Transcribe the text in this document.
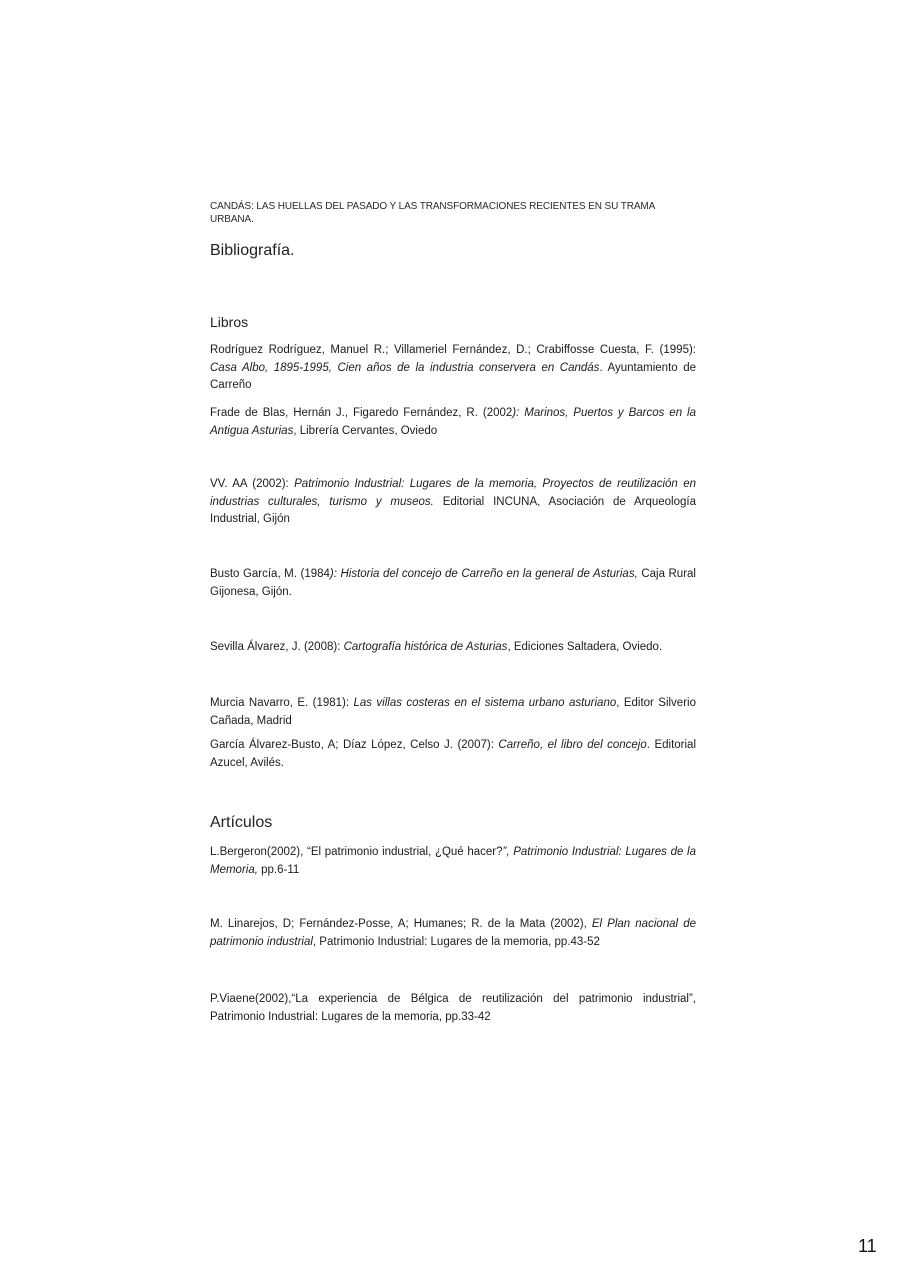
CANDÁS: LAS HUELLAS DEL PASADO Y LAS TRANSFORMACIONES RECIENTES EN SU TRAMA URBANA.
Bibliografía.
Libros

Rodríguez Rodríguez, Manuel R.; Villameriel Fernández, D.; Crabiffosse Cuesta, F. (1995): Casa Albo, 1895-1995, Cien años de la industria conservera en Candás. Ayuntamiento de Carreño

Frade de Blas, Hernán J., Figaredo Fernández, R. (2002): Marinos, Puertos y Barcos en la Antigua Asturias, Librería Cervantes, Oviedo

VV. AA (2002): Patrimonio Industrial: Lugares de la memoria, Proyectos de reutilización en industrias culturales, turismo y museos. Editorial INCUNA, Asociación de Arqueología Industrial, Gijón

Busto García, M. (1984): Historia del concejo de Carreño en la general de Asturias, Caja Rural Gijonesa, Gijón.

Sevilla Álvarez, J. (2008): Cartografía histórica de Asturias, Ediciones Saltadera, Oviedo.

Murcia Navarro, E. (1981): Las villas costeras en el sistema urbano asturiano, Editor Silverio Cañada, Madrid

García Álvarez-Busto, A; Díaz López, Celso J. (2007): Carreño, el libro del concejo. Editorial Azucel, Avilés.

Artículos

L.Bergeron(2002), “El patrimonio industrial, ¿Qué hacer?”, Patrimonio Industrial: Lugares de la Memoria, pp.6-11

M. Linarejos, D; Fernández-Posse, A; Humanes; R. de la Mata (2002), El Plan nacional de patrimonio industrial, Patrimonio Industrial: Lugares de la memoria, pp.43-52

P.Viaene(2002),“La experiencia de Bélgica de reutilización del patrimonio industrial”, Patrimonio Industrial: Lugares de la memoria, pp.33-42

11
